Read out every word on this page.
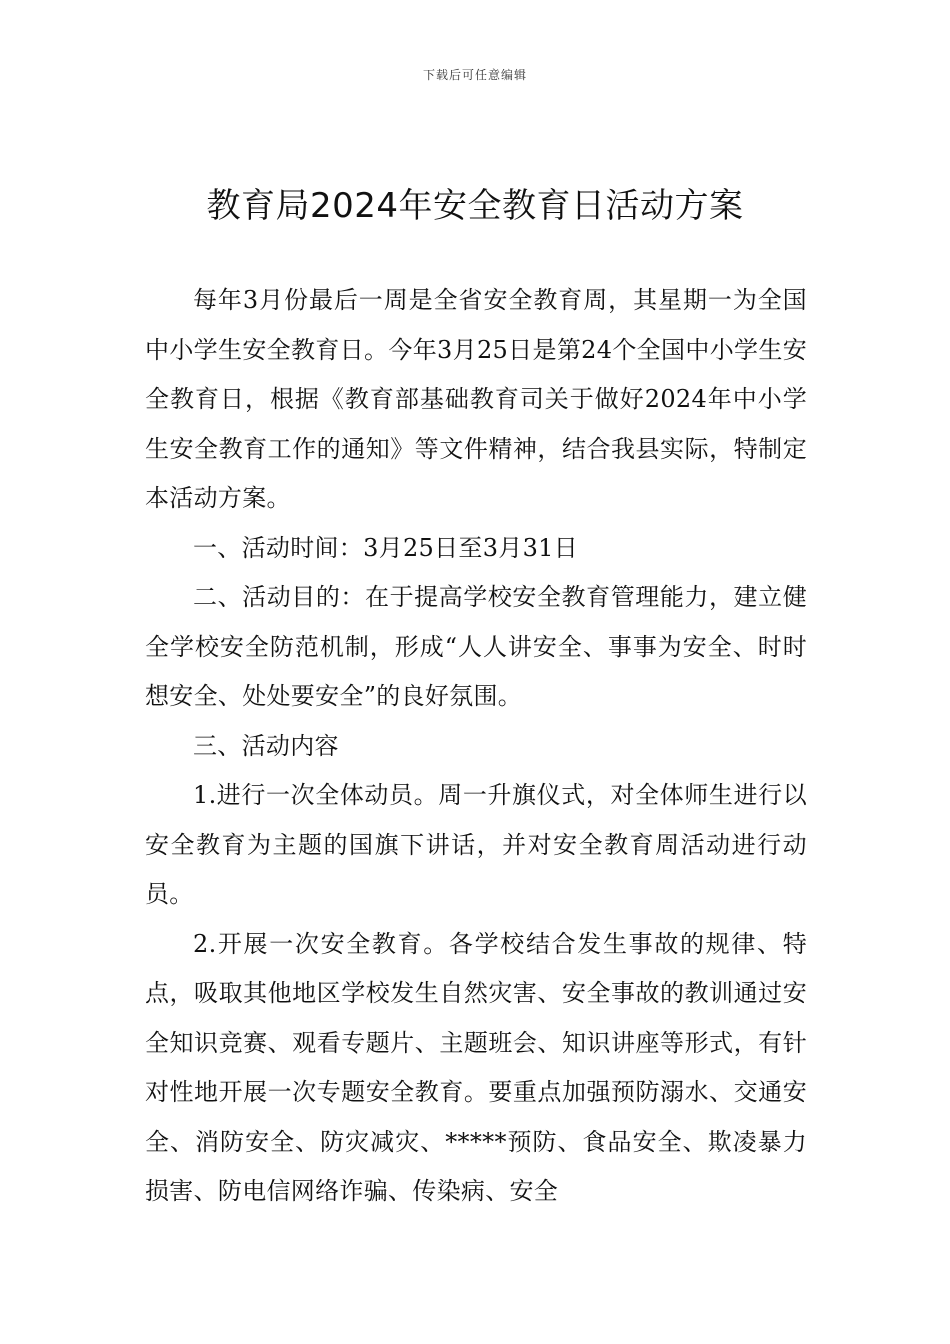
下载后可任意编辑
教育局2024年安全教育日活动方案

每年3月份最后一周是全省安全教育周，其星期一为全国中小学生安全教育日。今年3月25日是第24个全国中小学生安全教育日，根据《教育部基础教育司关于做好2024年中小学生安全教育工作的通知》等文件精神，结合我县实际，特制定本活动方案。

一、活动时间：3月25日至3月31日

二、活动目的：在于提高学校安全教育管理能力，建立健全学校安全防范机制，形成“人人讲安全、事事为安全、时时想安全、处处要安全”的良好氛围。

三、活动内容

1.进行一次全体动员。周一升旗仪式，对全体师生进行以安全教育为主题的国旗下讲话，并对安全教育周活动进行动员。

2.开展一次安全教育。各学校结合发生事故的规律、特点，吸取其他地区学校发生自然灾害、安全事故的教训通过安全知识竞赛、观看专题片、主题班会、知识讲座等形式，有针对性地开展一次专题安全教育。要重点加强预防溺水、交通安全、消防安全、防灾减灾、*****预防、食品安全、欺凌暴力损害、防电信网络诈骗、传染病、安全
